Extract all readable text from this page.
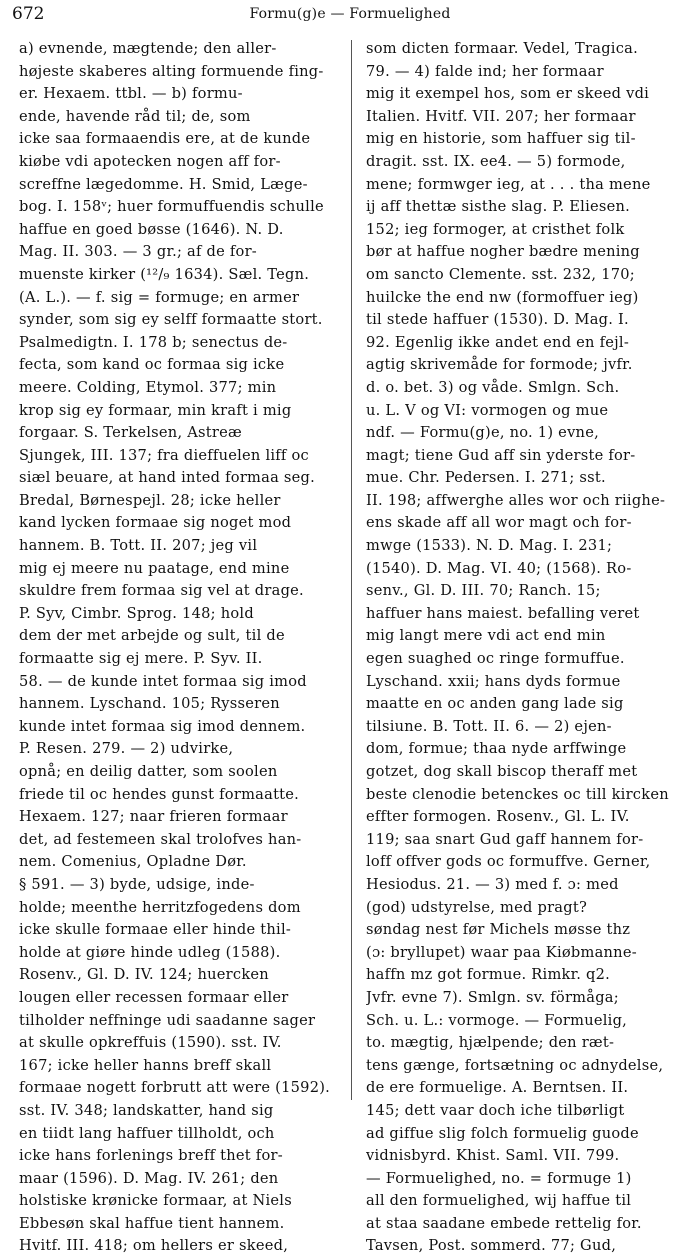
672	Formu(g)e — Formuelighed
a) evnende, mægtende; den aller-
højeste skaberes alting formuende fing-
er. Hexaem. ttbl. — b) formu-
ende, havende råd til; de, som
icke saa formaaendis ere, at de kunde
kiøbe vdi apotecken nogen aff for-
screffne lægedomme. H. Smid, Læge-
bog. I. 158ᵛ; huer formuffuendis schulle
haffue en goed bøsse (1646). N. D.
Mag. II. 303. — 3 gr.; af de for-
muenste kirker (¹²/₉ 1634). Sæl. Tegn.
(A. L.). — f. sig = formuge; en armer
synder, som sig ey selff formaatte stort.
Psalmedigtn. I. 178 b; senectus de-
fecta, som kand oc formaa sig icke
meere. Colding, Etymol. 377; min
krop sig ey formaar, min kraft i mig
forgaar. S. Terkelsen, Astreæ
Sjungek, III. 137; fra dieffuelen liff oc
siæl beuare, at hand inted formaa seg.
Bredal, Børnespejl. 28; icke heller
kand lycken formaae sig noget mod
hannem. B. Tott. II. 207; jeg vil
mig ej meere nu paatage, end mine
skuldre frem formaa sig vel at drage.
P. Syv, Cimbr. Sprog. 148; hold
dem der met arbejde og sult, til de
formaatte sig ej mere. P. Syv. II.
58. — de kunde intet formaa sig imod
hannem. Lyschand. 105; Rysseren
kunde intet formaa sig imod dennem.
P. Resen. 279. — 2) udvirke,
opnå; en deilig datter, som soolen
friede til oc hendes gunst formaatte.
Hexaem. 127; naar frieren formaar
det, ad festemeen skal trolofves han-
nem. Comenius, Opladne Dør.
§ 591. — 3) byde, udsige, inde-
holde; meenthe herritzfogedens dom
icke skulle formaae eller hinde thil-
holde at giøre hinde udleg (1588).
Rosenv., Gl. D. IV. 124; huercken
lougen eller recessen formaar eller
tilholder neffninge udi saadanne sager
at skulle opkreffuis (1590). sst. IV.
167; icke heller hanns breff skall
formaae nogett forbrutt att were (1592).
sst. IV. 348; landskatter, hand sig
en tiidt lang haffuer tillholdt, och
icke hans forlenings breff thet for-
maar (1596). D. Mag. IV. 261; den
holstiske krønicke formaar, at Niels
Ebbesøn skal haffue tient hannem.
Hvitf. III. 418; om hellers er skeed,
som dicten formaar. Vedel, Tragica.
79. — 4) falde ind; her formaar
mig it exempel hos, som er skeed vdi
Italien. Hvitf. VII. 207; her formaar
mig en historie, som haffuer sig til-
dragit. sst. IX. ee4. — 5) formode,
mene; formwger ieg, at . . . tha mene
ij aff thettæ sisthe slag. P. Eliesen.
152; ieg formoger, at cristhet folk
bør at haffue nogher bædre mening
om sancto Clemente. sst. 232, 170;
huilcke the end nw (formoffuer ieg)
til stede haffuer (1530). D. Mag. I.
92. Egenlig ikke andet end en fejl-
agtig skrivemåde for formode; jvfr.
d. o. bet. 3) og våde. Smlgn. Sch.
u. L. V og VI: vormogen og mue
ndf. — Formu(g)e, no. 1) evne,
magt; tiene Gud aff sin yderste for-
mue. Chr. Pedersen. I. 271; sst.
II. 198; affwerghe alles wor och riighe-
ens skade aff all wor magt och for-
mwge (1533). N. D. Mag. I. 231;
(1540). D. Mag. VI. 40; (1568). Ro-
senv., Gl. D. III. 70; Ranch. 15;
haffuer hans maiest. befalling veret
mig langt mere vdi act end min
egen suaghed oc ringe formuffue.
Lyschand. xxii; hans dyds formue
maatte en oc anden gang lade sig
tilsiune. B. Tott. II. 6. — 2) ejen-
dom, formue; thaa nyde arffwinge
gotzet, dog skall biscop theraff met
beste clenodie betenckes oc till kircken
effter formogen. Rosenv., Gl. L. IV.
119; saa snart Gud gaff hannem for-
loff offver gods oc formuffve. Gerner,
Hesiodus. 21. — 3) med f. ɔ: med
(god) udstyrelse, med pragt?
søndag nest før Michels møsse thz
(ɔ: bryllupet) waar paa Kiøbmanne-
haffn mz got formue. Rimkr. q2.
Jvfr. evne 7). Smlgn. sv. förmåga;
Sch. u. L.: vormoge. — Formuelig,
to. mægtig, hjælpende; den ræt-
tens gænge, fortsætning oc adnydelse,
de ere formuelige. A. Berntsen. II.
145; dett vaar doch iche tilbørligt
ad giffue slig folch formuelig guode
vidnisbyrd. Khist. Saml. VII. 799.
— Formuelighed, no. = formuge 1)
all den formuelighed, wij haffue til
at staa saadane embede rettelig for.
Tavsen, Post. sommerd. 77; Gud,
